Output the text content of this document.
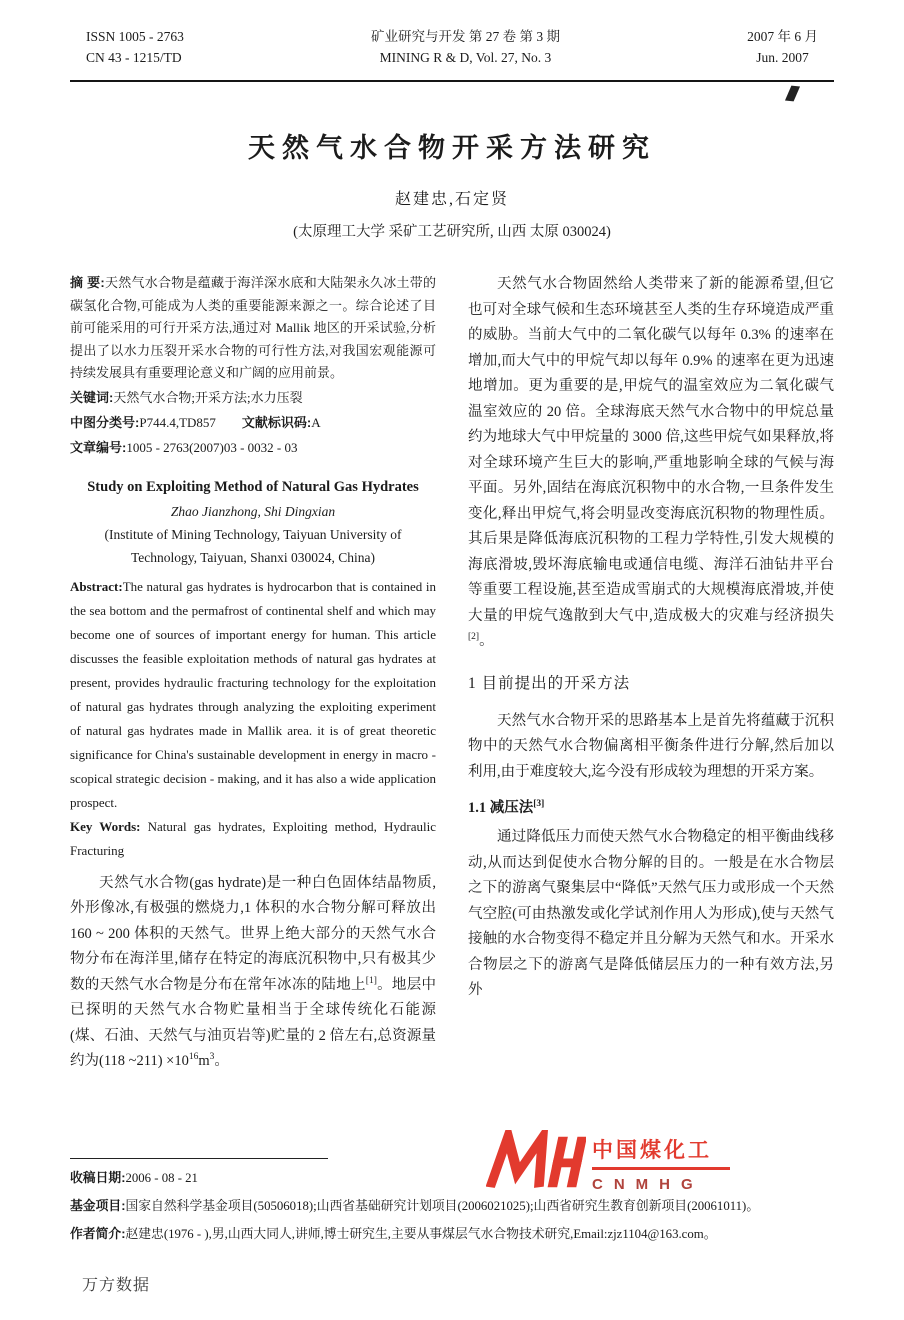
ISSN 1005 - 2763
CN 43 - 1215/TD
矿业研究与开发 第 27 卷 第 3 期
MINING R & D, Vol. 27, No. 3
2007 年 6 月
Jun. 2007
天然气水合物开采方法研究
赵建忠,石定贤
(太原理工大学 采矿工艺研究所, 山西 太原 030024)

摘 要:天然气水合物是蕴藏于海洋深水底和大陆架永久冰土带的碳氢化合物,可能成为人类的重要能源来源之一。综合论述了目前可能采用的可行开采方法,通过对 Mallik 地区的开采试验,分析提出了以水力压裂开采水合物的可行性方法,对我国宏观能源可持续发展具有重要理论意义和广阔的应用前景。

关键词:天然气水合物;开采方法;水力压裂

中图分类号:P744.4,TD857 文献标识码:A

文章编号:1005 - 2763(2007)03 - 0032 - 03

Study on Exploiting Method of Natural Gas Hydrates

Zhao Jianzhong, Shi Dingxian

(Institute of Mining Technology, Taiyuan University of

Technology, Taiyuan, Shanxi 030024, China)

Abstract:The natural gas hydrates is hydrocarbon that is contained in the sea bottom and the permafrost of continental shelf and which may become one of sources of important energy for human. This article discusses the feasible exploitation methods of natural gas hydrates at present, provides hydraulic fracturing technology for the exploitation of natural gas hydrates through analyzing the exploiting experiment of natural gas hydrates made in Mallik area. it is of great theoretic significance for China's sustainable development in energy in macro - scopical strategic decision - making, and it has also a wide application prospect.

Key Words: Natural gas hydrates, Exploiting method, Hydraulic Fracturing

天然气水合物(gas hydrate)是一种白色固体结晶物质,外形像冰,有极强的燃烧力,1 体积的水合物分解可释放出 160 ~ 200 体积的天然气。世界上绝大部分的天然气水合物分布在海洋里,储存在特定的海底沉积物中,只有极其少数的天然气水合物是分布在常年冰冻的陆地上[1]。地层中已探明的天然气水合物贮量相当于全球传统化石能源(煤、石油、天然气与油页岩等)贮量的 2 倍左右,总资源量约为(118 ~211) $\times 10^{16}m^3$。

天然气水合物固然给人类带来了新的能源希望,但它也可对全球气候和生态环境甚至人类的生存环境造成严重的威胁。当前大气中的二氧化碳气以每年 0.3% 的速率在增加,而大气中的甲烷气却以每年 0.9% 的速率在更为迅速地增加。更为重要的是,甲烷气的温室效应为二氧化碳气温室效应的 20 倍。全球海底天然气水合物中的甲烷总量约为地球大气中甲烷量的 3000 倍,这些甲烷气如果释放,将对全球环境产生巨大的影响,严重地影响全球的气候与海平面。另外,固结在海底沉积物中的水合物,一旦条件发生变化,释出甲烷气,将会明显改变海底沉积物的物理性质。其后果是降低海底沉积物的工程力学特性,引发大规模的海底滑坡,毁坏海底输电或通信电缆、海洋石油钻井平台等重要工程设施,甚至造成雪崩式的大规模海底滑坡,并使大量的甲烷气逸散到大气中,造成极大的灾难与经济损失[2]。

1 目前提出的开采方法

天然气水合物开采的思路基本上是首先将蕴藏于沉积物中的天然气水合物偏离相平衡条件进行分解,然后加以利用,由于难度较大,迄今没有形成较为理想的开采方案。

1.1 减压法[3]

通过降低压力而使天然气水合物稳定的相平衡曲线移动,从而达到促使水合物分解的目的。一般是在水合物层之下的游离气聚集层中“降低”天然气压力或形成一个天然气空腔(可由热激发或化学试剂作用人为形成),使与天然气接触的水合物变得不稳定并且分解为天然气和水。开采水合物层之下的游离气是降低储层压力的一种有效方法,另外

收稿日期:2006 - 08 - 21
基金项目:国家自然科学基金项目(50506018);山西省基础研究计划项目(2006021025);山西省研究生教育创新项目(20061011)。
作者简介:赵建忠(1976 - ),男,山西大同人,讲师,博士研究生,主要从事煤层气水合物技术研究,Email:zjz1104@163.com。
中国煤化工
CNMHG
万方数据
